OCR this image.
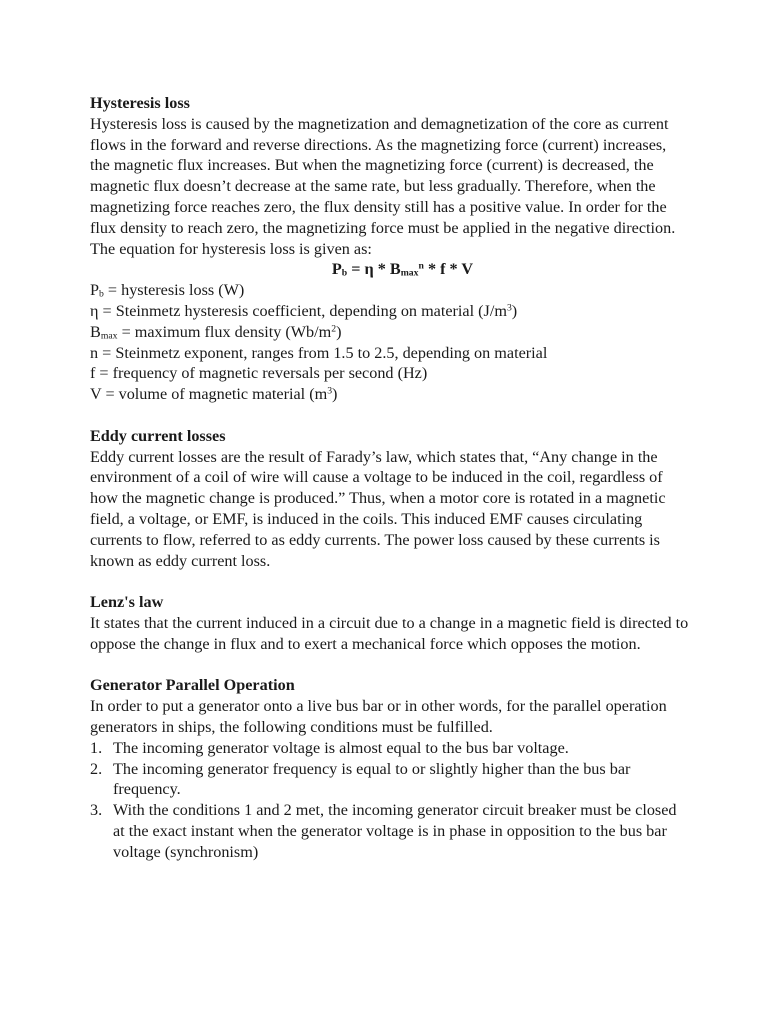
Hysteresis loss

Hysteresis loss is caused by the magnetization and demagnetization of the core as current flows in the forward and reverse directions. As the magnetizing force (current) increases, the magnetic flux increases. But when the magnetizing force (current) is decreased, the magnetic flux doesn’t decrease at the same rate, but less gradually. Therefore, when the magnetizing force reaches zero, the flux density still has a positive value. In order for the flux density to reach zero, the magnetizing force must be applied in the negative direction.

The equation for hysteresis loss is given as:

$P_b = \eta * B_{max}^n * f * V$

$P_b$ = hysteresis loss (W)

η = Steinmetz hysteresis coefficient, depending on material $(J/m^3)$

$B_{max}$ = maximum flux density $(Wb/m^2)$

n = Steinmetz exponent, ranges from 1.5 to 2.5, depending on material

f = frequency of magnetic reversals per second (Hz)

V = volume of magnetic material $(m^3)$

Eddy current losses

Eddy current losses are the result of Farady’s law, which states that, “Any change in the environment of a coil of wire will cause a voltage to be induced in the coil, regardless of how the magnetic change is produced.” Thus, when a motor core is rotated in a magnetic field, a voltage, or EMF, is induced in the coils. This induced EMF causes circulating currents to flow, referred to as eddy currents. The power loss caused by these currents is known as eddy current loss.

Lenz's law

It states that the current induced in a circuit due to a change in a magnetic field is directed to oppose the change in flux and to exert a mechanical force which opposes the motion.

Generator Parallel Operation

In order to put a generator onto a live bus bar or in other words, for the parallel operation generators in ships, the following conditions must be fulfilled.

1. The incoming generator voltage is almost equal to the bus bar voltage.
2. The incoming generator frequency is equal to or slightly higher than the bus bar frequency.
3. With the conditions 1 and 2 met, the incoming generator circuit breaker must be closed at the exact instant when the generator voltage is in phase in opposition to the bus bar voltage (synchronism)
